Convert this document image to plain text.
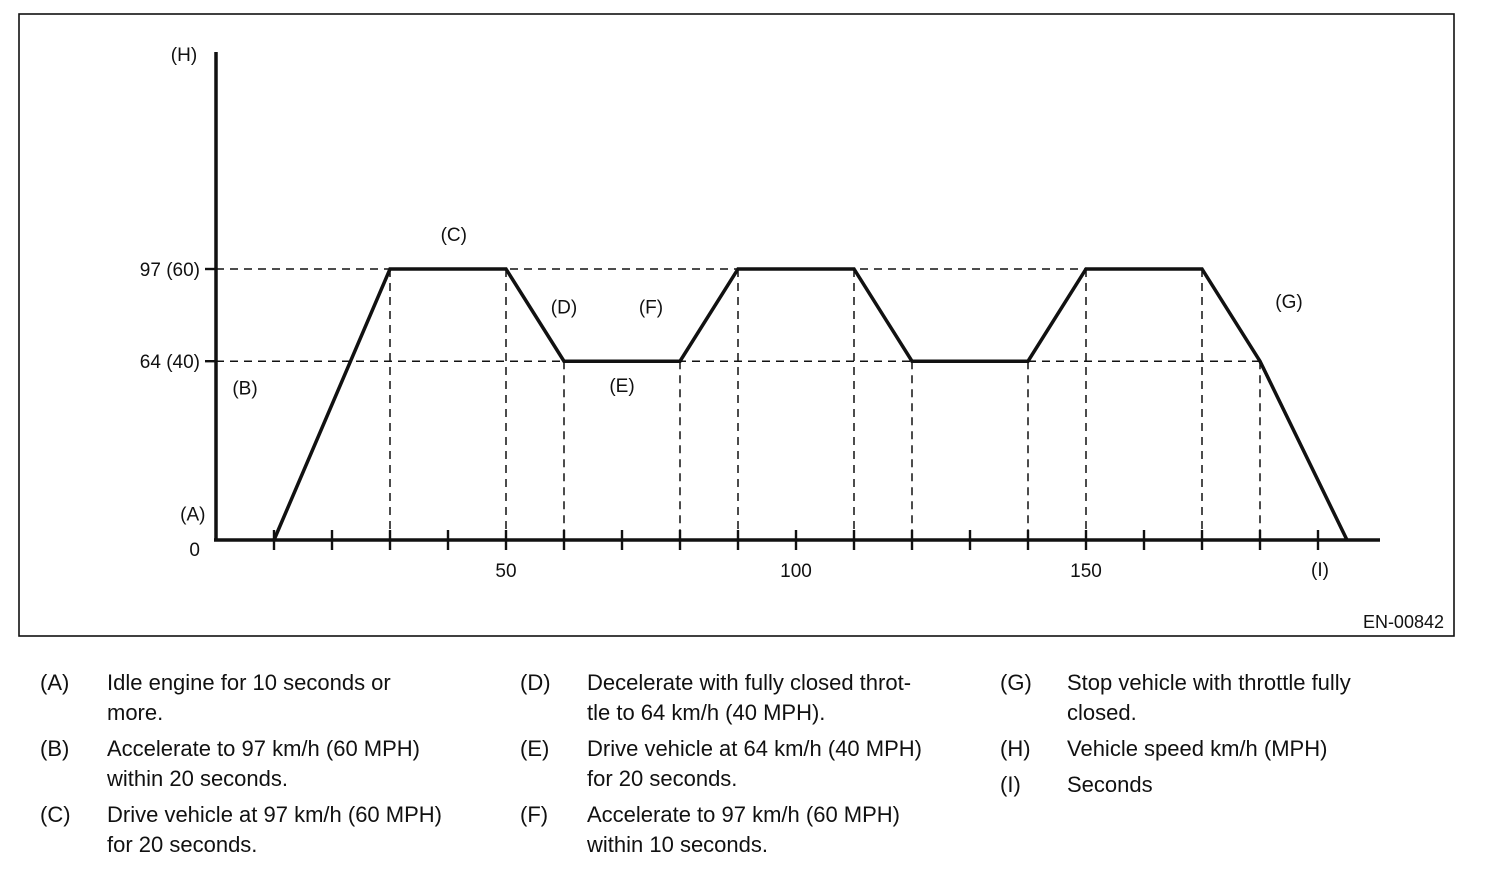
50	100	150
0
64 (40)
97 (60)
(H)
(I)
EN-00842
(A)
(B)
(C)
(D)
(E)
(F)	(G)
(A)	Idle engine for 10 seconds or
more.
(B)	Accelerate to 97 km/h (60 MPH)
within 20 seconds.
(C)	Drive vehicle at 97 km/h (60 MPH)
for 20 seconds.
(D)	Decelerate with fully closed throt-
tle to 64 km/h (40 MPH).
(E)	Drive vehicle at 64 km/h (40 MPH)
for 20 seconds.
(F)	Accelerate to 97 km/h (60 MPH)
within 10 seconds.
(G)	Stop vehicle with throttle fully
closed.
(H)	Vehicle speed km/h (MPH)
(I)	Seconds
